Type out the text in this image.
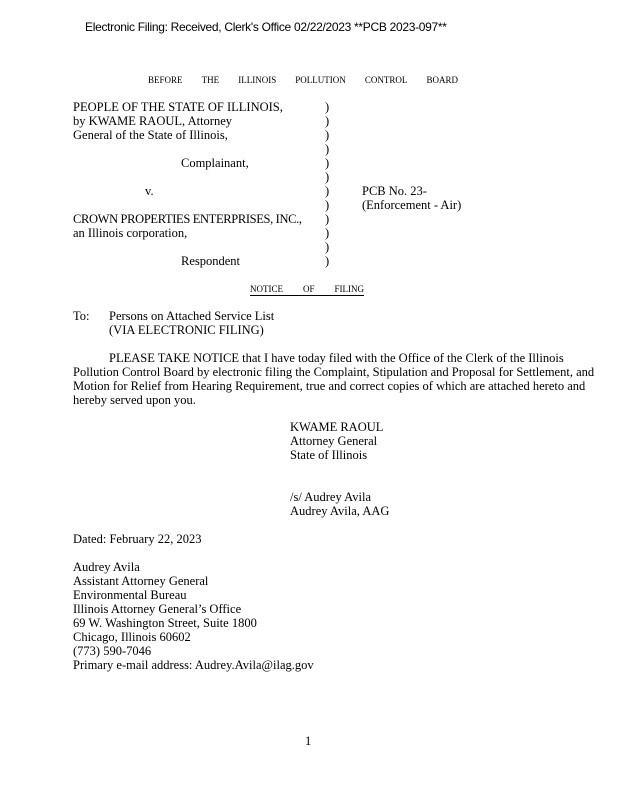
Electronic Filing: Received, Clerk's Office 02/22/2023 **PCB 2023-097**
BEFORE THE ILLINOIS POLLUTION CONTROL BOARD
PEOPLE OF THE STATE OF ILLINOIS,
by KWAME RAOUL, Attorney
General of the State of Illinois,
Complainant,
v.
CROWN PROPERTIES ENTERPRISES, INC.,
an Illinois corporation,
Respondent
)
)
)
)
)
)
)
)
)
)
)
)
PCB No. 23-
(Enforcement - Air)
NOTICE OF FILING
To: Persons on Attached Service List
(VIA ELECTRONIC FILING)
PLEASE TAKE NOTICE that I have today filed with the Office of the Clerk of the Illinois Pollution Control Board by electronic filing the Complaint, Stipulation and Proposal for Settlement, and Motion for Relief from Hearing Requirement, true and correct copies of which are attached hereto and hereby served upon you.
KWAME RAOUL
Attorney General
State of Illinois
/s/ Audrey Avila
Audrey Avila, AAG
Dated: February 22, 2023
Audrey Avila
Assistant Attorney General
Environmental Bureau
Illinois Attorney General’s Office
69 W. Washington Street, Suite 1800
Chicago, Illinois 60602
(773) 590-7046
Primary e-mail address: Audrey.Avila@ilag.gov
1
